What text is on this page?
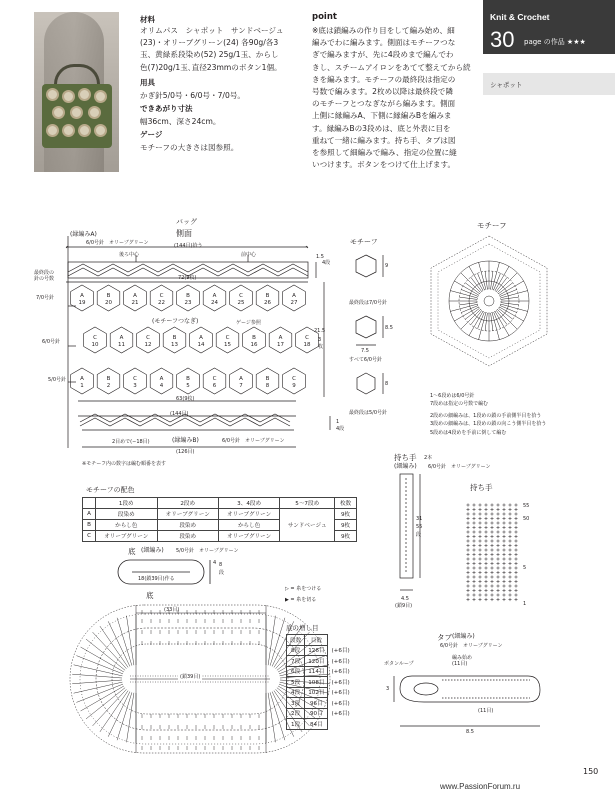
Knit & Crochet
30 page の作品 ★★★
シャポット
材料
オリムパス　シャポット　サンドベージュ
(23)・オリーブグリーン(24) 各90g/各3
玉、黄緑系段染め(52) 25g/1玉、からし
色(7)20g/1玉､直径23mmのボタン1個。
用具
かぎ針5/0号・6/0号・7/0号。
できあがり寸法
幅36cm、深さ24cm。
ゲージ
モチーフの大きさは図参照。
point
※底は鎖編みの作り目をして編み始め、細
編みでわに編みます。側面はモチーフつな
ぎで編みますが、先に4段めまで編んでわ
きし、スチームアイロンをあてて整えてから続
きを編みます。モチーフの最終段は指定の
号数で編みます。2枚め以降は最終段で隣
のモチーフとつなぎながら編みます。側面
上側に縁編みA、下側に縁編みBを編みま
す。縁編みBの3段めは、底と外表に目を
重ねて一緒に編みます。持ち手、タブは図
を参照して細編みで編み、指定の位置に縫
いつけます。ボタンをつけて仕上げます。
バッグ
側面
(縁編みA)
6/0号針　オリーブグリーン	(144目)拾う
後ろ中心	前中心	1.5
4段
最終段の
針の号数	72(9枚)
7/0号針
6/0号針
5/0号針
(モチーフつなぎ)	ゲージ参照
21.5
3
枚
63(9枚)
(144目)
(縁編みB)	6/0号針　オリーブグリーン
2目めで(−18目)
1
4段
(126目)
※モチーフ内の数字は編む順番を表す
A
19
B
20
A
21
C
22
B
23
A
24
C
25
B
26
A
27
C
10
A
11
C
12
B
13
A
14
C
15
B
16
A
17
C
18
A
1
B
2
C
3
A
4
B
5
C
6
A
7
B
8
C
9
モチーフ
9
最終段は7/0号針
8.5
7.5
すべて6/0号針
8
最終段は5/0号針
モチーフ
1〜6段めは6/0号針
7段めは指定の号数で編む
2段めの細編みは、1段めの鎖の手前側半目を拾う
3段めの細編みは、1段めの鎖の向こう側半目を拾う
5段めは4段めを手前に倒して編む
モチーフの配色
	1段め	2段め	3、4段め	5〜7段め	枚数
A	段染め	オリーブグリーン	オリーブグリーン	サンドベージュ	9枚
B	からし色	段染め	からし色		9枚
C	オリーブグリーン	段染め	オリーブグリーン		9枚
底 (細編み) 5/0号針　オリーブグリーン
18(鎖39目)作る
4 8
段
底
(33目)
(鎖39目)
▷ = 糸をつける
▶ = 糸を切る
底の増し目
段数	目数	
8段	126目	(+6目)
7段	120目	(+6目)
6段	114目	(+6目)
5段	108目	(+6目)
4段	102目	(+6目)
3段	96目	(+6目)
2段	90目	(+6目)
1段	84目	
持ち手 2本
(細編み) 6/0号針　オリーブグリーン
31
55
段
4.5
(鎖9目)
持ち手
55
50
5
1
タブ (細編み)
6/0号針　オリーブグリーン
編み始め
(11目)
ボタンループ
3
(11目)
8.5
150
www.PassionForum.ru
